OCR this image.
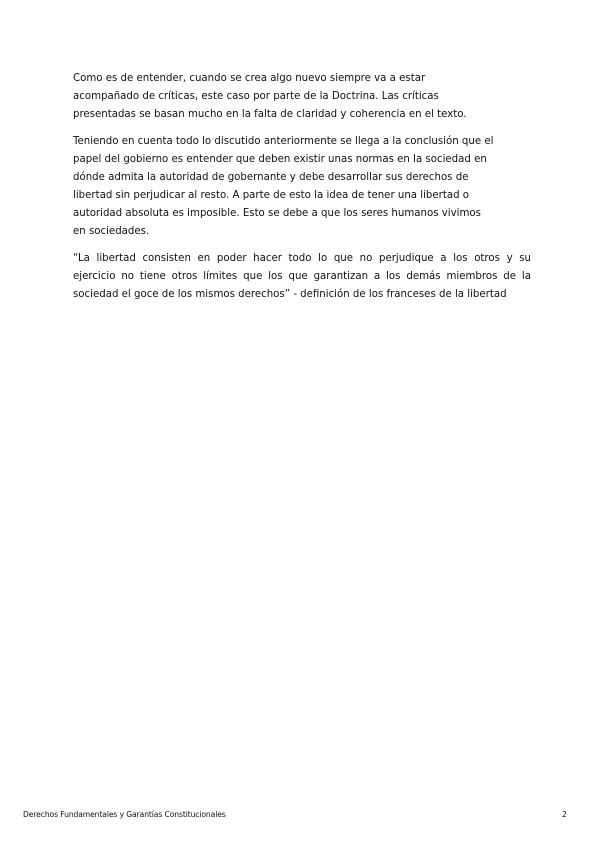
Como es de entender, cuando se crea algo nuevo siempre va a estar
acompañado de críticas, este caso por parte de la Doctrina. Las críticas
presentadas se basan mucho en la falta de claridad y coherencia en el texto.
Teniendo en cuenta todo lo discutido anteriormente se llega a la conclusión que el
papel del gobierno es entender que deben existir unas normas en la sociedad en
dónde admita la autoridad de gobernante y debe desarrollar sus derechos de
libertad sin perjudicar al resto. A parte de esto la idea de tener una libertad o
autoridad absoluta es imposible. Esto se debe a que los seres humanos vivimos
en sociedades.
“La libertad consisten en poder hacer todo lo que no perjudique a los otros y su
ejercicio no tiene otros límites que los que garantizan a los demás miembros de la
sociedad el goce de los mismos derechos” - definición de los franceses de la libertad
Derechos Fundamentales y Garantías Constitucionales	2
